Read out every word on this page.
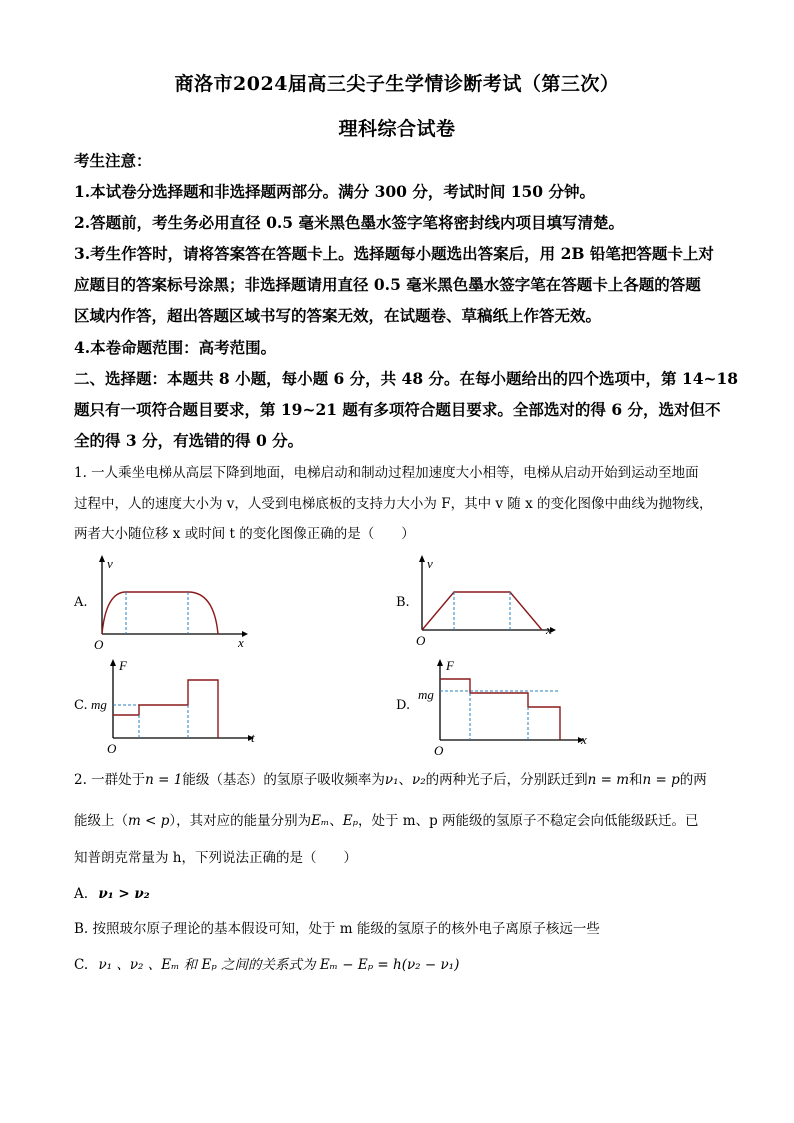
商洛市2024届高三尖子生学情诊断考试（第三次）
理科综合试卷
考生注意：
1.本试卷分选择题和非选择题两部分。满分 300 分，考试时间 150 分钟。
2.答题前，考生务必用直径 0.5 毫米黑色墨水签字笔将密封线内项目填写清楚。
3.考生作答时，请将答案答在答题卡上。选择题每小题选出答案后，用 2B 铅笔把答题卡上对
应题目的答案标号涂黑；非选择题请用直径 0.5 毫米黑色墨水签字笔在答题卡上各题的答题
区域内作答，超出答题区域书写的答案无效，在试题卷、草稿纸上作答无效。
4.本卷命题范围：高考范围。
二、选择题：本题共 8 小题，每小题 6 分，共 48 分。在每小题给出的四个选项中，第 14~18
题只有一项符合题目要求，第 19~21 题有多项符合题目要求。全部选对的得 6 分，选对但不
全的得 3 分，有选错的得 0 分。
1. 一人乘坐电梯从高层下降到地面，电梯启动和制动过程加速度大小相等，电梯从启动开始到运动至地面
过程中，人的速度大小为 v，人受到电梯底板的支持力大小为 F，其中 v 随 x 的变化图像中曲线为抛物线，
两者大小随位移 x 或时间 t 的变化图像正确的是（　　）
A.
v
x
O
B.
v
x
O
C.
F
mg
t
O
D.
F
mg
x
O
2. 一群处于n = 1能级（基态）的氢原子吸收频率为ν₁、ν₂的两种光子后，分别跃迁到n = m和n = p的两
能级上（m < p），其对应的能量分别为Eₘ、Eₚ，处于 m、p 两能级的氢原子不稳定会向低能级跃迁。已
知普朗克常量为 h，下列说法正确的是（　　）
A. ν₁ > ν₂
B. 按照玻尔原子理论的基本假设可知，处于 m 能级的氢原子的核外电子离原子核远一些
C. ν₁ 、ν₂ 、Eₘ 和 Eₚ 之间的关系式为 Eₘ − Eₚ = h(ν₂ − ν₁)
